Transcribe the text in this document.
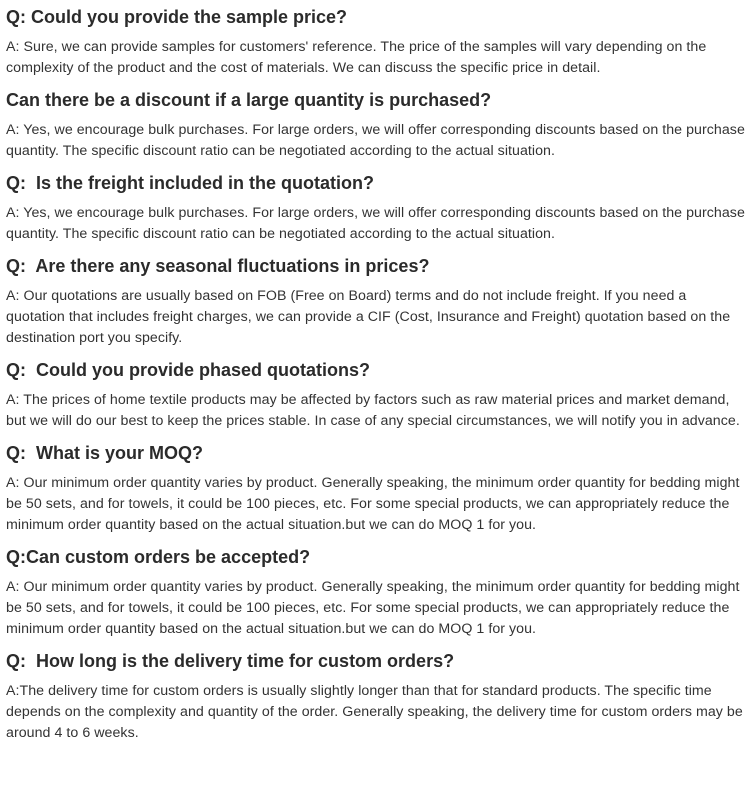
Q: Could you provide the sample price?
A: Sure, we can provide samples for customers' reference. The price of the samples will vary depending on the complexity of the product and the cost of materials. We can discuss the specific price in detail.
Can there be a discount if a large quantity is purchased?
A: Yes, we encourage bulk purchases. For large orders, we will offer corresponding discounts based on the purchase quantity. The specific discount ratio can be negotiated according to the actual situation.
Q:  Is the freight included in the quotation?
A: Yes, we encourage bulk purchases. For large orders, we will offer corresponding discounts based on the purchase quantity. The specific discount ratio can be negotiated according to the actual situation.
Q:  Are there any seasonal fluctuations in prices?
A: Our quotations are usually based on FOB (Free on Board) terms and do not include freight. If you need a quotation that includes freight charges, we can provide a CIF (Cost, Insurance and Freight) quotation based on the destination port you specify.
Q:  Could you provide phased quotations?
A: The prices of home textile products may be affected by factors such as raw material prices and market demand, but we will do our best to keep the prices stable. In case of any special circumstances, we will notify you in advance.
Q:  What is your MOQ?
A: Our minimum order quantity varies by product. Generally speaking, the minimum order quantity for bedding might be 50 sets, and for towels, it could be 100 pieces, etc. For some special products, we can appropriately reduce the minimum order quantity based on the actual situation.but we can do MOQ 1 for you.
Q:Can custom orders be accepted?
A: Our minimum order quantity varies by product. Generally speaking, the minimum order quantity for bedding might be 50 sets, and for towels, it could be 100 pieces, etc. For some special products, we can appropriately reduce the minimum order quantity based on the actual situation.but we can do MOQ 1 for you.
Q:  How long is the delivery time for custom orders?
A:The delivery time for custom orders is usually slightly longer than that for standard products. The specific time depends on the complexity and quantity of the order. Generally speaking, the delivery time for custom orders may be around 4 to 6 weeks.
